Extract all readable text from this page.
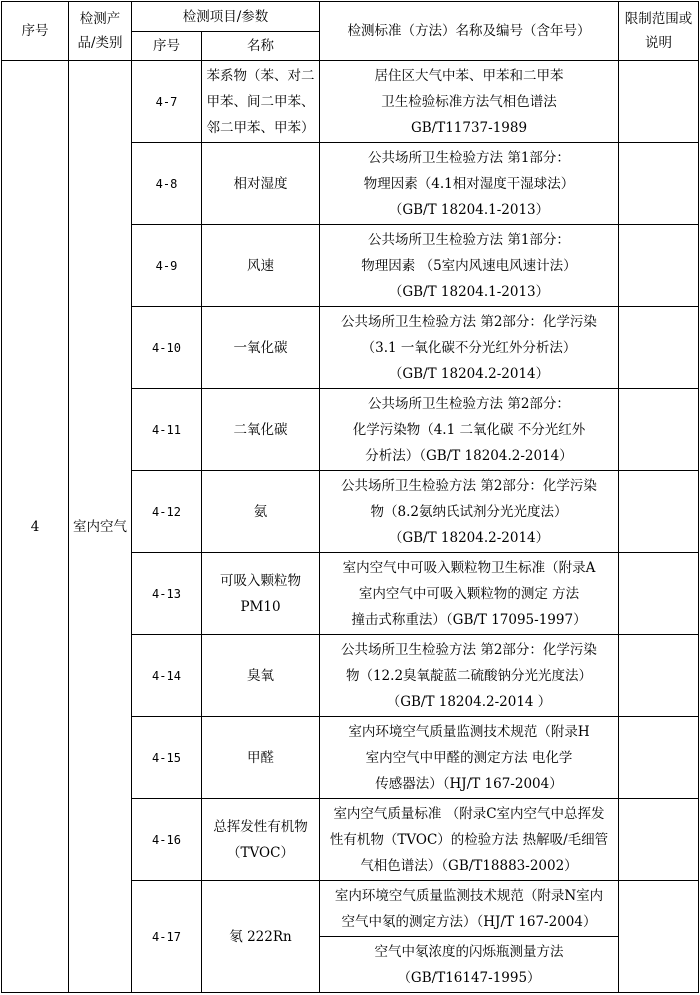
序号	检测产品/类别	检测项目/参数		检测标准（方法）名称及编号（含年号）	限制范围或说明
		序号	名称		
4	室内空气	4-7	苯系物（苯、对二甲苯、间二甲苯、邻二甲苯、甲苯）	居住区大气中苯、甲苯和二甲苯
卫生检验标准方法气相色谱法
GB/T11737-1989	

		4-8	相对湿度	公共场所卫生检验方法 第1部分：
物理因素（4.1相对湿度干湿球法）
（GB/T 18204.1-2013）	

		4-9	风速	公共场所卫生检验方法 第1部分：
物理因素 （5室内风速电风速计法）
（GB/T 18204.1-2013）	

		4-10	一氧化碳	公共场所卫生检验方法 第2部分：化学污染
（3.1 一氧化碳不分光红外分析法）
（GB/T 18204.2-2014）	

		4-11	二氧化碳	公共场所卫生检验方法 第2部分：
化学污染物（4.1 二氧化碳 不分光红外
分析法）（GB/T 18204.2-2014）	

		4-12	氨	公共场所卫生检验方法 第2部分：化学污染
物（8.2氨纳氏试剂分光光度法）
（GB/T 18204.2-2014）	

		4-13	可吸入颗粒物PM10	室内空气中可吸入颗粒物卫生标准（附录A
室内空气中可吸入颗粒物的测定 方法
撞击式称重法）（GB/T 17095-1997）	

		4-14	臭氧	公共场所卫生检验方法 第2部分：化学污染
物（12.2臭氧靛蓝二硫酸钠分光光度法）
（GB/T 18204.2-2014 ）	

		4-15	甲醛	室内环境空气质量监测技术规范（附录H
室内空气中甲醛的测定方法 电化学
传感器法）（HJ/T 167-2004）	

		4-16	总挥发性有机物（TVOC）	室内空气质量标准 （附录C室内空气中总挥发
性有机物（TVOC）的检验方法 热解吸/毛细管
气相色谱法）（GB/T18883-2002）	

		4-17	氡 222Rn	室内环境空气质量监测技术规范（附录N室内
空气中氡的测定方法）（HJ/T 167-2004）	

				空气中氡浓度的闪烁瓶测量方法
（GB/T16147-1995）	
